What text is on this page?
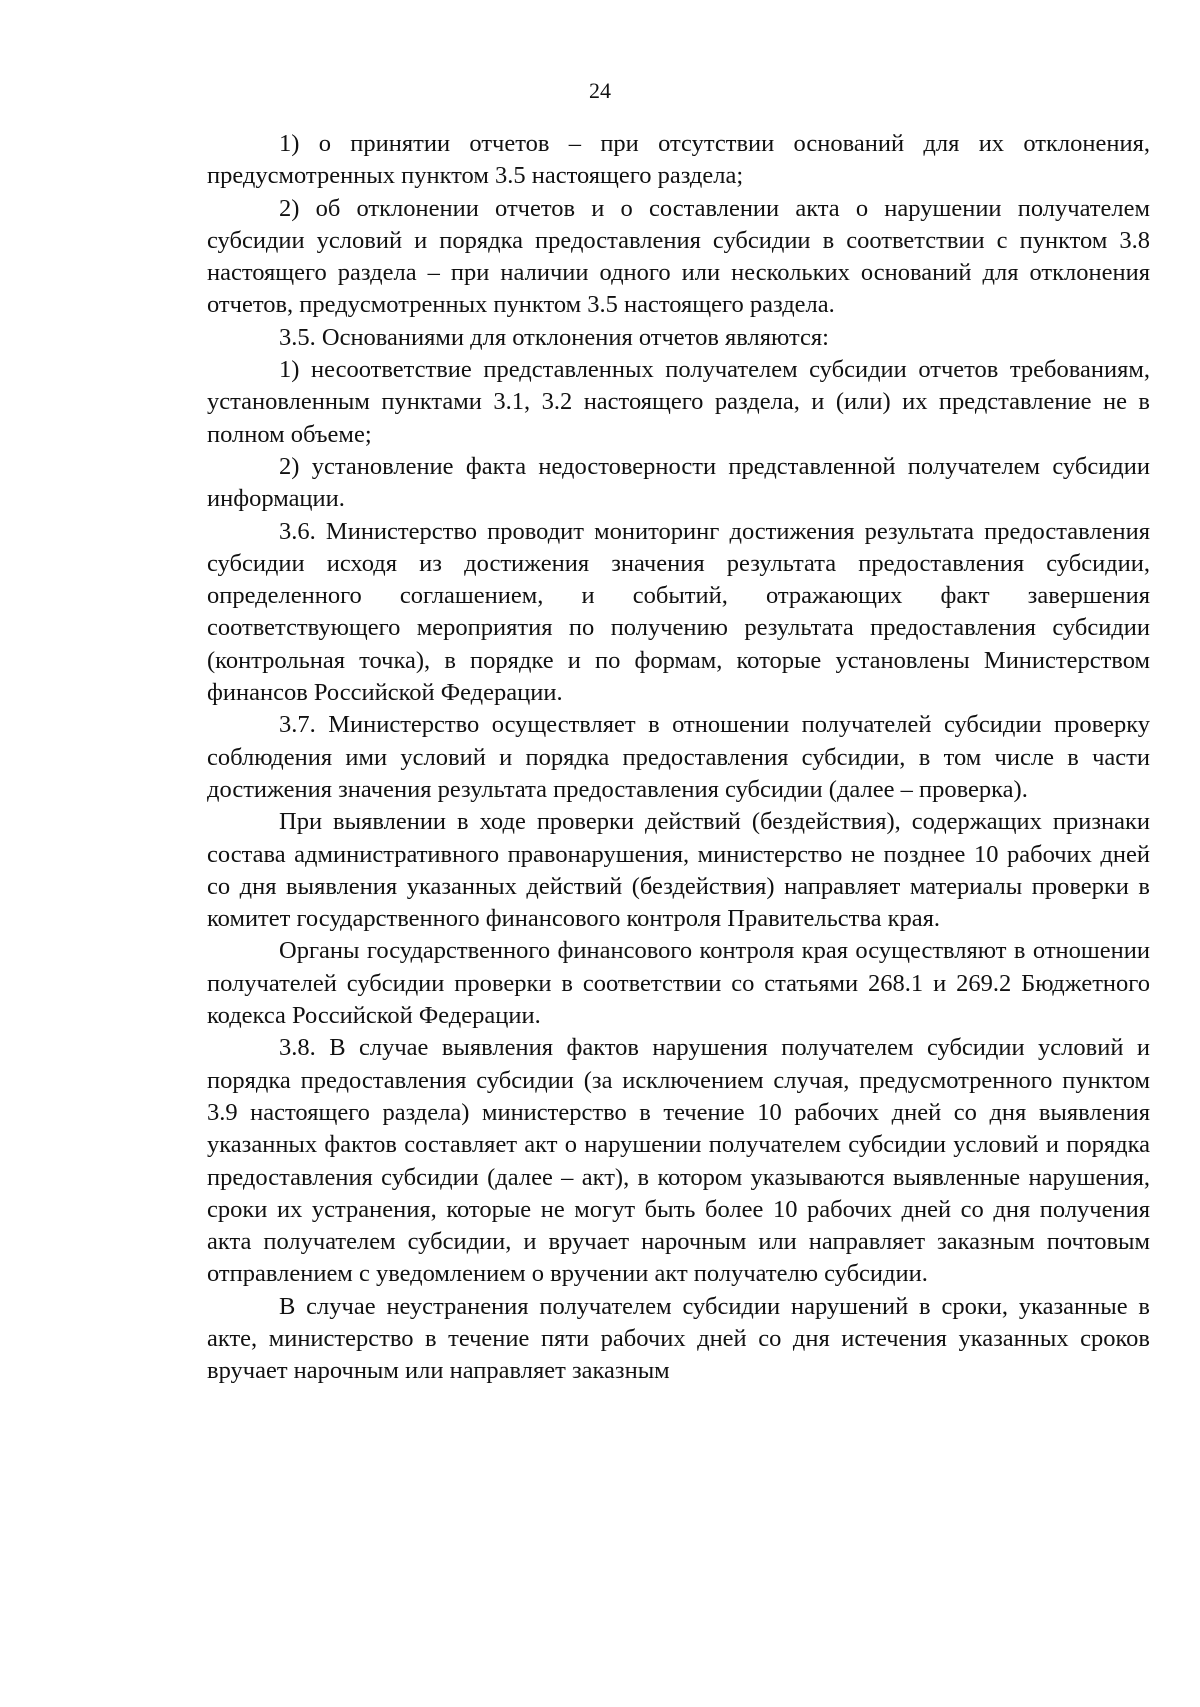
24

1) о принятии отчетов – при отсутствии оснований для их отклонения, предусмотренных пунктом 3.5 настоящего раздела;

2) об отклонении отчетов и о составлении акта о нарушении получателем субсидии условий и порядка предоставления субсидии в соответствии с пунктом 3.8 настоящего раздела – при наличии одного или нескольких оснований для отклонения отчетов, предусмотренных пунктом 3.5 настоящего раздела.

3.5. Основаниями для отклонения отчетов являются:

1) несоответствие представленных получателем субсидии отчетов требованиям, установленным пунктами 3.1, 3.2 настоящего раздела, и (или) их представление не в полном объеме;

2) установление факта недостоверности представленной получателем субсидии информации.

3.6. Министерство проводит мониторинг достижения результата предоставления субсидии исходя из достижения значения результата предоставления субсидии, определенного соглашением, и событий, отражающих факт завершения соответствующего мероприятия по получению результата предоставления субсидии (контрольная точка), в порядке и по формам, которые установлены Министерством финансов Российской Федерации.

3.7. Министерство осуществляет в отношении получателей субсидии проверку соблюдения ими условий и порядка предоставления субсидии, в том числе в части достижения значения результата предоставления субсидии (далее – проверка).

При выявлении в ходе проверки действий (бездействия), содержащих признаки состава административного правонарушения, министерство не позднее 10 рабочих дней со дня выявления указанных действий (бездействия) направляет материалы проверки в комитет государственного финансового контроля Правительства края.

Органы государственного финансового контроля края осуществляют в отношении получателей субсидии проверки в соответствии со статьями 268.1 и 269.2 Бюджетного кодекса Российской Федерации.

3.8. В случае выявления фактов нарушения получателем субсидии условий и порядка предоставления субсидии (за исключением случая, предусмотренного пунктом 3.9 настоящего раздела) министерство в течение 10 рабочих дней со дня выявления указанных фактов составляет акт о нарушении получателем субсидии условий и порядка предоставления субсидии (далее – акт), в котором указываются выявленные нарушения, сроки их устранения, которые не могут быть более 10 рабочих дней со дня получения акта получателем субсидии, и вручает нарочным или направляет заказным почтовым отправлением с уведомлением о вручении акт получателю субсидии.

В случае неустранения получателем субсидии нарушений в сроки, указанные в акте, министерство в течение пяти рабочих дней со дня истечения указанных сроков вручает нарочным или направляет заказным
